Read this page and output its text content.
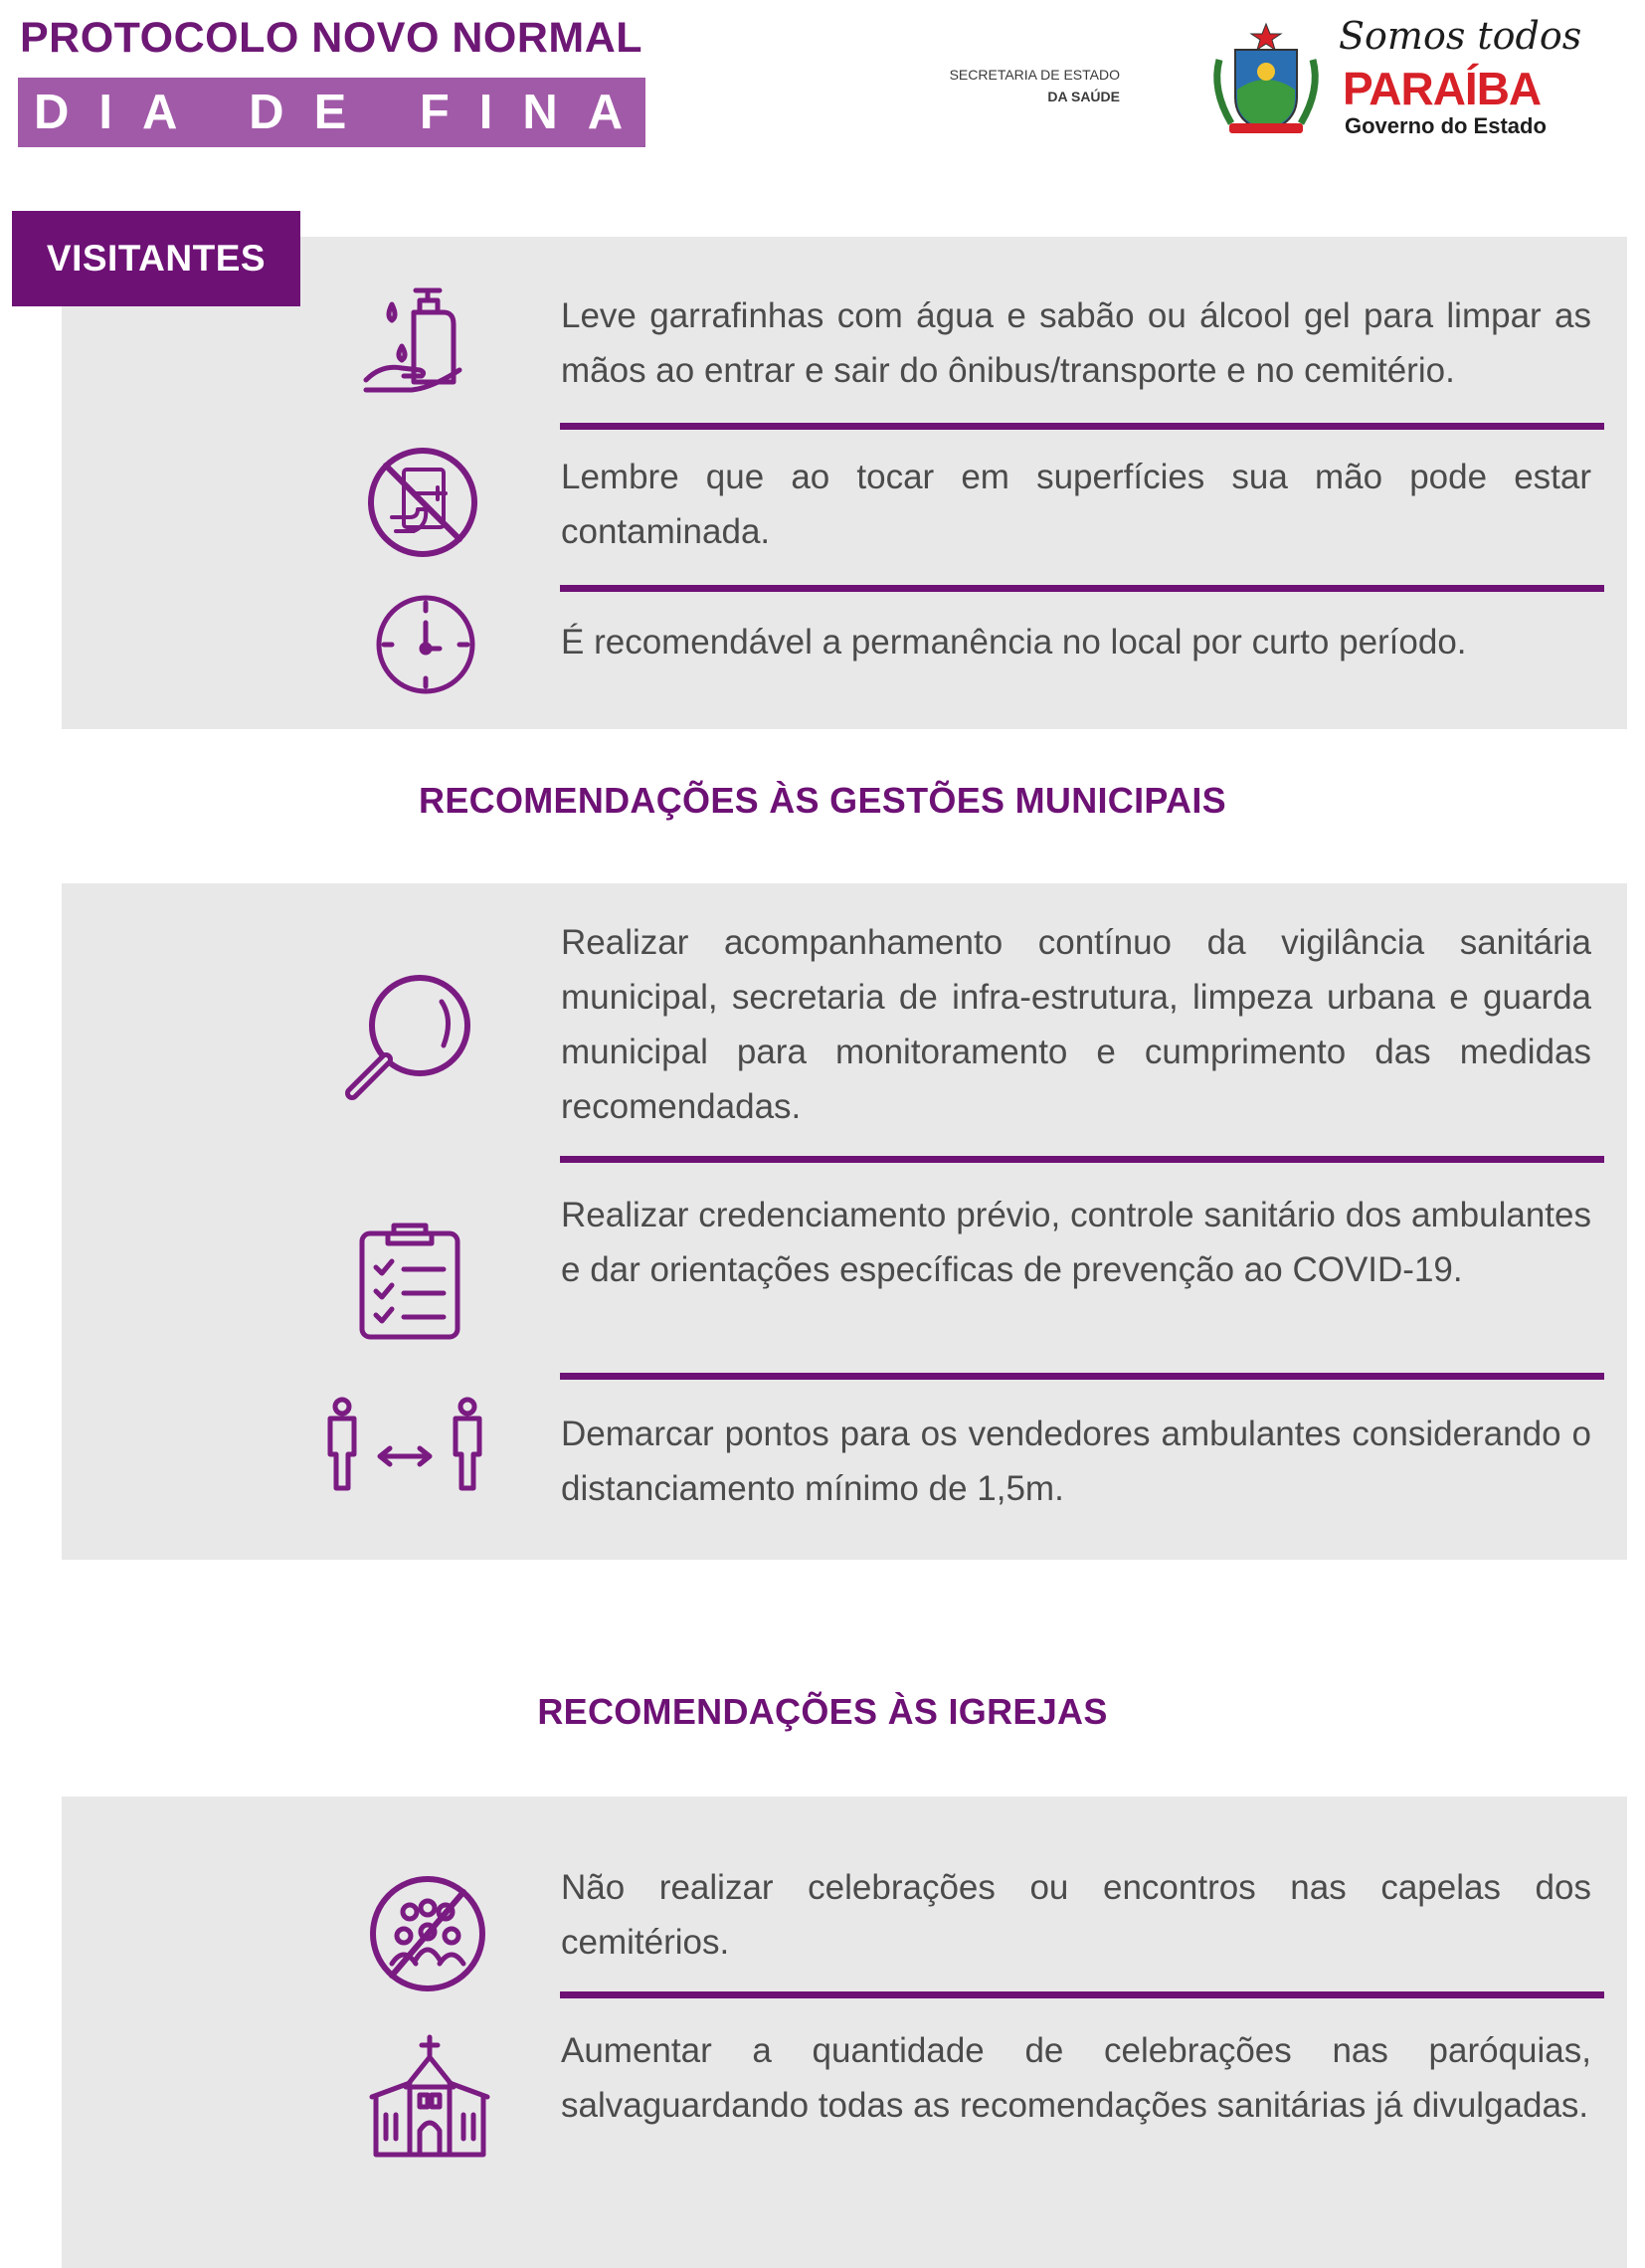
PROTOCOLO NOVO NORMAL
DIA DE FINADOS
SECRETARIA DE ESTADO
DA SAÚDE
Somos todos
PARAÍBA
Governo do Estado
VISITANTES
Leve garrafinhas com água e sabão ou álcool gel para limpar as mãos ao entrar e sair do ônibus/transporte e no cemitério.
Lembre que ao tocar em superfícies sua mão pode estar contaminada.
É recomendável a permanência no local por curto período.
RECOMENDAÇÕES ÀS GESTÕES MUNICIPAIS
Realizar acompanhamento contínuo da vigilância sanitária municipal, secretaria de infra-estrutura, limpeza urbana e guarda municipal para monitoramento e cumprimento das medidas recomendadas.
Realizar credenciamento prévio, controle sanitário dos ambulantes e dar orientações específicas de prevenção ao COVID-19.
Demarcar pontos para os vendedores ambulantes considerando o distanciamento mínimo de 1,5m.
RECOMENDAÇÕES ÀS IGREJAS
Não realizar celebrações ou encontros nas capelas dos cemitérios.
Aumentar a quantidade de celebrações nas paróquias, salvaguardando todas as recomendações sanitárias já divulgadas.
